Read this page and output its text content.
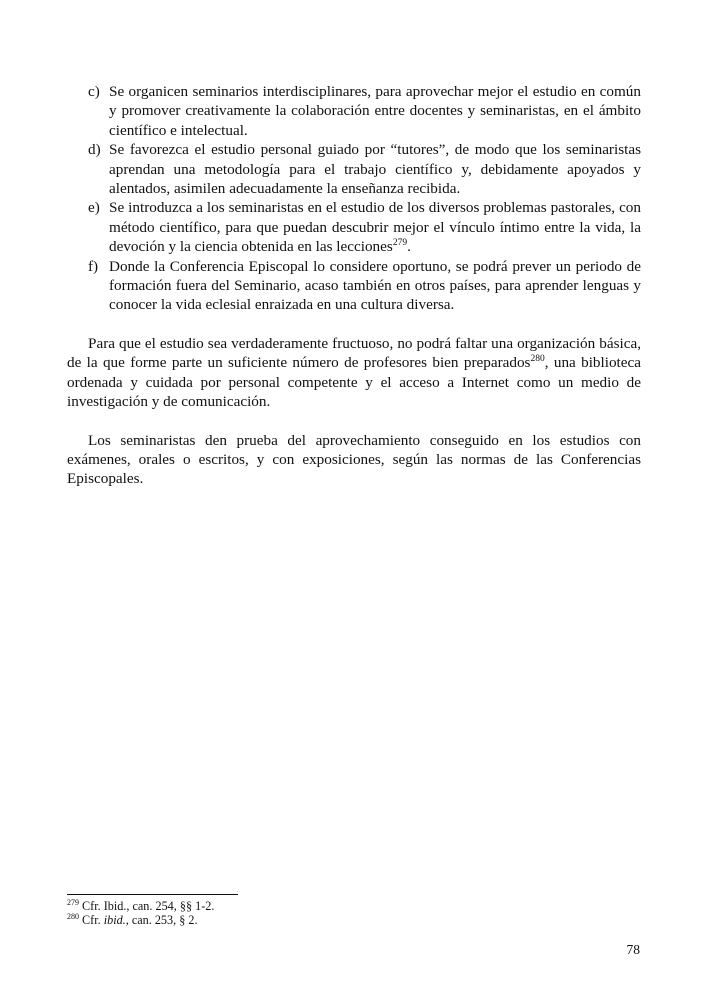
c) Se organicen seminarios interdisciplinares, para aprovechar mejor el estudio en común y promover creativamente la colaboración entre docentes y seminaristas, en el ámbito científico e intelectual.
d) Se favorezca el estudio personal guiado por “tutores”, de modo que los seminaristas aprendan una metodología para el trabajo científico y, debidamente apoyados y alentados, asimilen adecuadamente la enseñanza recibida.
e) Se introduzca a los seminaristas en el estudio de los diversos problemas pastorales, con método científico, para que puedan descubrir mejor el vínculo íntimo entre la vida, la devoción y la ciencia obtenida en las lecciones$^{279}$.
f) Donde la Conferencia Episcopal lo considere oportuno, se podrá prever un periodo de formación fuera del Seminario, acaso también en otros países, para aprender lenguas y conocer la vida eclesial enraizada en una cultura diversa.

Para que el estudio sea verdaderamente fructuoso, no podrá faltar una organización básica, de la que forme parte un suficiente número de profesores bien preparados$^{280}$, una biblioteca ordenada y cuidada por personal competente y el acceso a Internet como un medio de investigación y de comunicación.

Los seminaristas den prueba del aprovechamiento conseguido en los estudios con exámenes, orales o escritos, y con exposiciones, según las normas de las Conferencias Episcopales.

$^{279}$ Cfr. Ibid., can. 254, §§ 1-2.
$^{280}$ Cfr. ibid., can. 253, § 2.
78
